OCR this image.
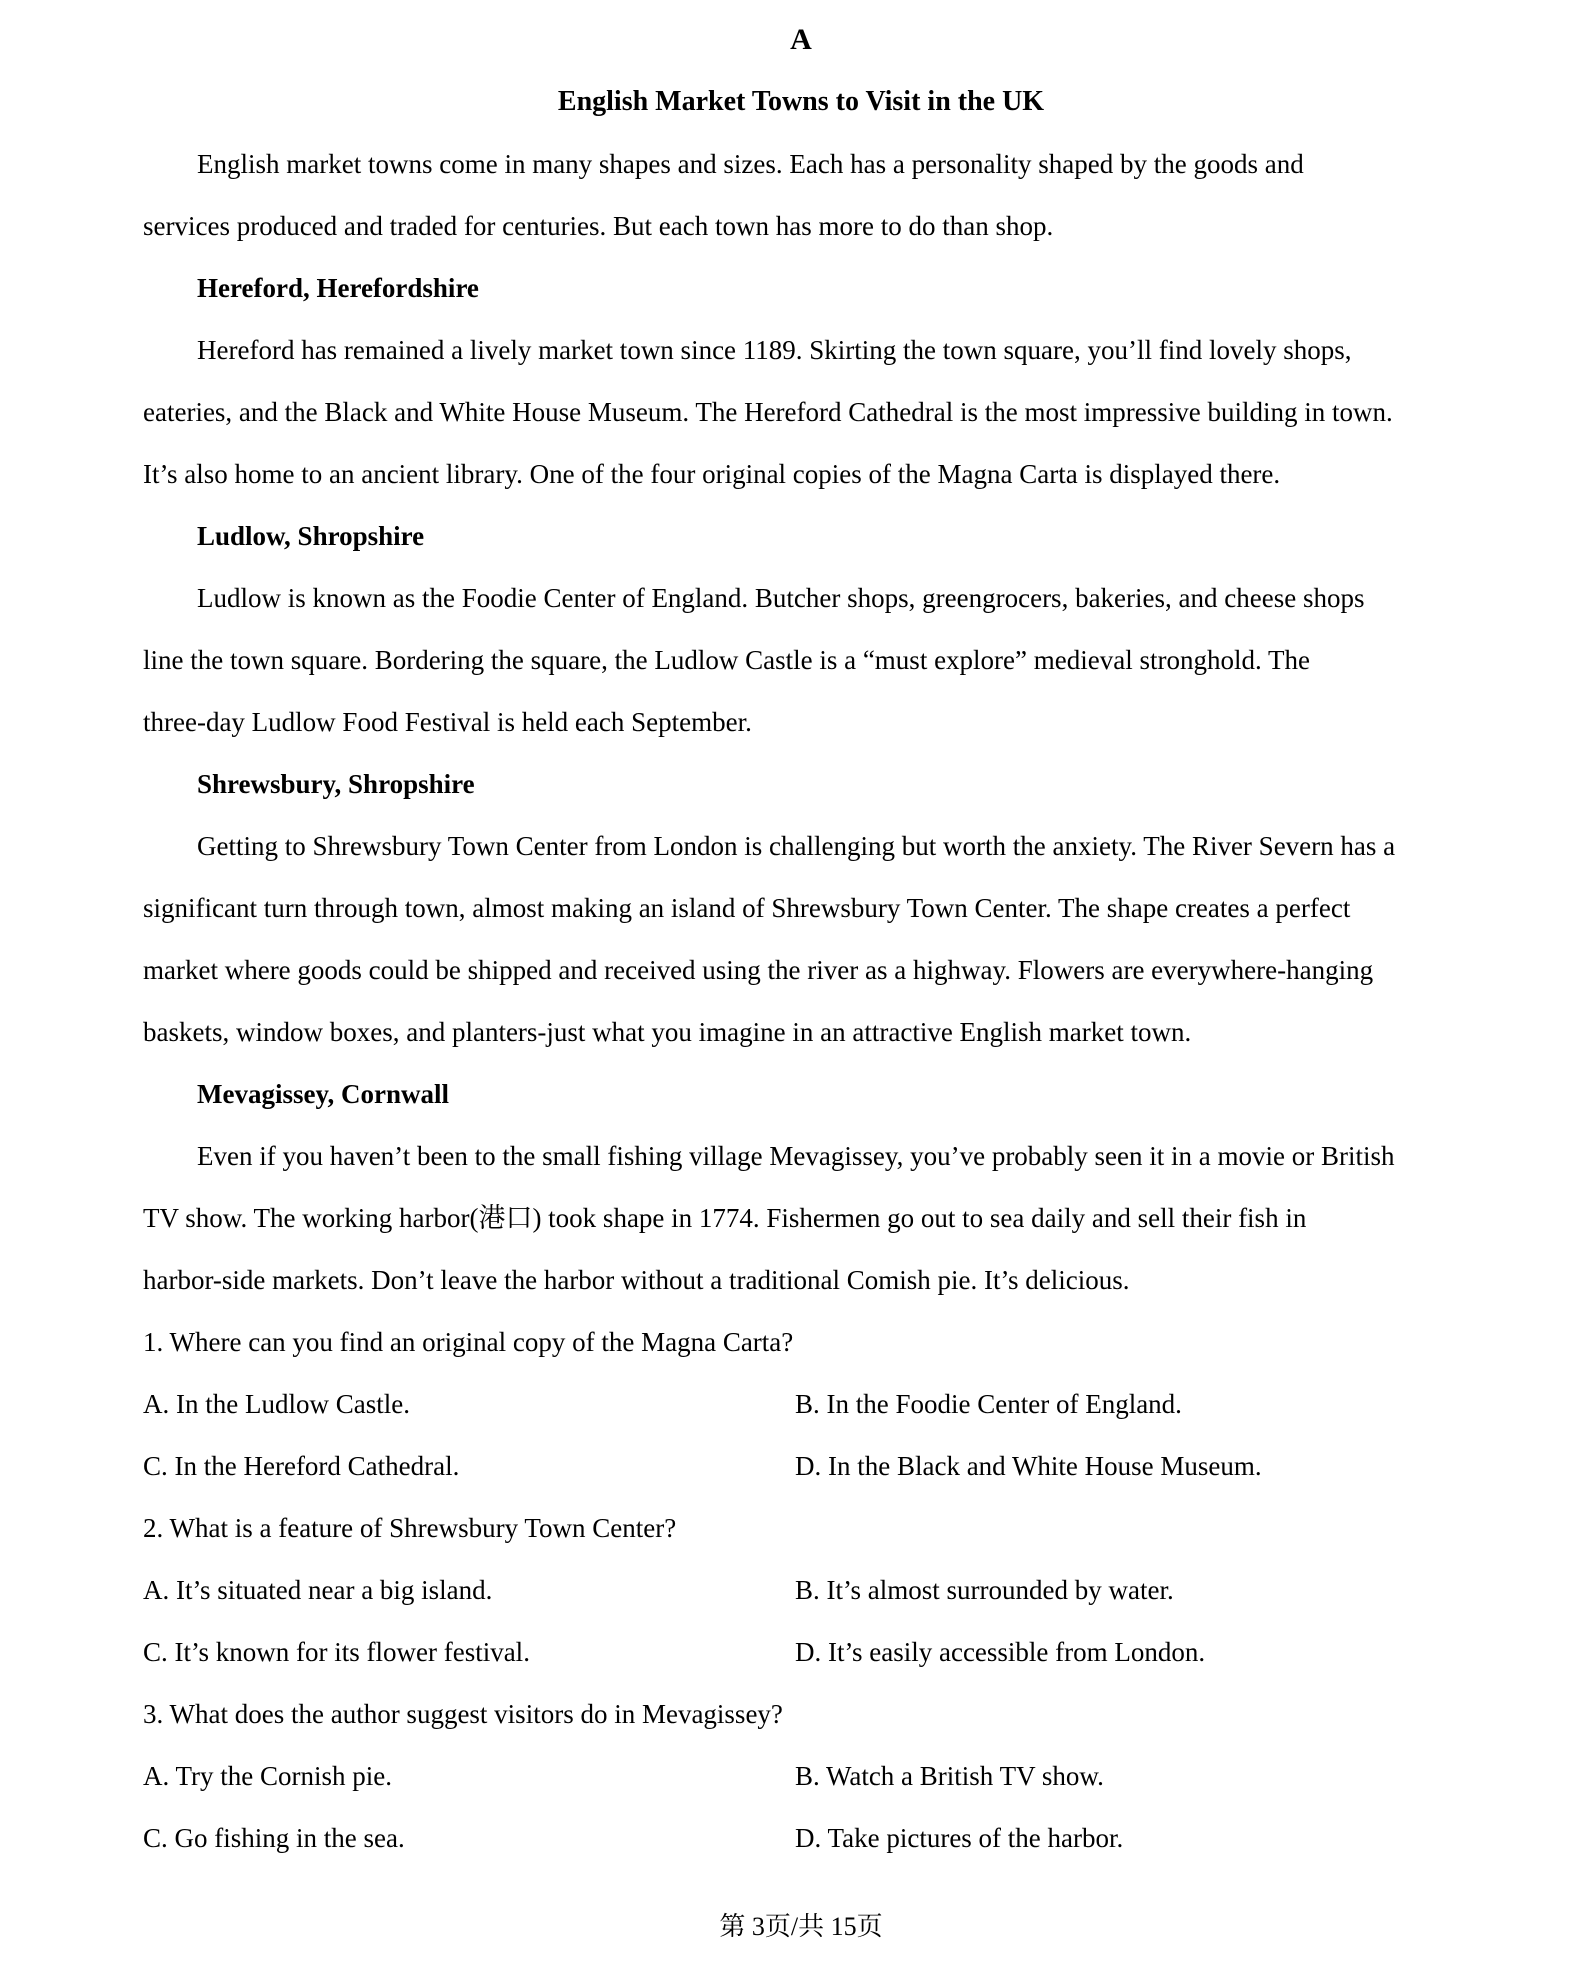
A
English Market Towns to Visit in the UK
English market towns come in many shapes and sizes. Each has a personality shaped by the goods and
services produced and traded for centuries. But each town has more to do than shop.
Hereford, Herefordshire
Hereford has remained a lively market town since 1189. Skirting the town square, you’ll find lovely shops,
eateries, and the Black and White House Museum. The Hereford Cathedral is the most impressive building in town.
It’s also home to an ancient library. One of the four original copies of the Magna Carta is displayed there.
Ludlow, Shropshire
Ludlow is known as the Foodie Center of England. Butcher shops, greengrocers, bakeries, and cheese shops
line the town square. Bordering the square, the Ludlow Castle is a “must explore” medieval stronghold. The
three-day Ludlow Food Festival is held each September.
Shrewsbury, Shropshire
Getting to Shrewsbury Town Center from London is challenging but worth the anxiety. The River Severn has a
significant turn through town, almost making an island of Shrewsbury Town Center. The shape creates a perfect
market where goods could be shipped and received using the river as a highway. Flowers are everywhere-hanging
baskets, window boxes, and planters-just what you imagine in an attractive English market town.
Mevagissey, Cornwall
Even if you haven’t been to the small fishing village Mevagissey, you’ve probably seen it in a movie or British
TV show. The working harbor(港口) took shape in 1774. Fishermen go out to sea daily and sell their fish in
harbor-side markets. Don’t leave the harbor without a traditional Comish pie. It’s delicious.
1. Where can you find an original copy of the Magna Carta?
A. In the Ludlow Castle.	B. In the Foodie Center of England.
C. In the Hereford Cathedral.	D. In the Black and White House Museum.
2. What is a feature of Shrewsbury Town Center?
A. It’s situated near a big island.	B. It’s almost surrounded by water.
C. It’s known for its flower festival.	D. It’s easily accessible from London.
3. What does the author suggest visitors do in Mevagissey?
A. Try the Cornish pie.	B. Watch a British TV show.
C. Go fishing in the sea.	D. Take pictures of the harbor.
第 3页/共 15页
